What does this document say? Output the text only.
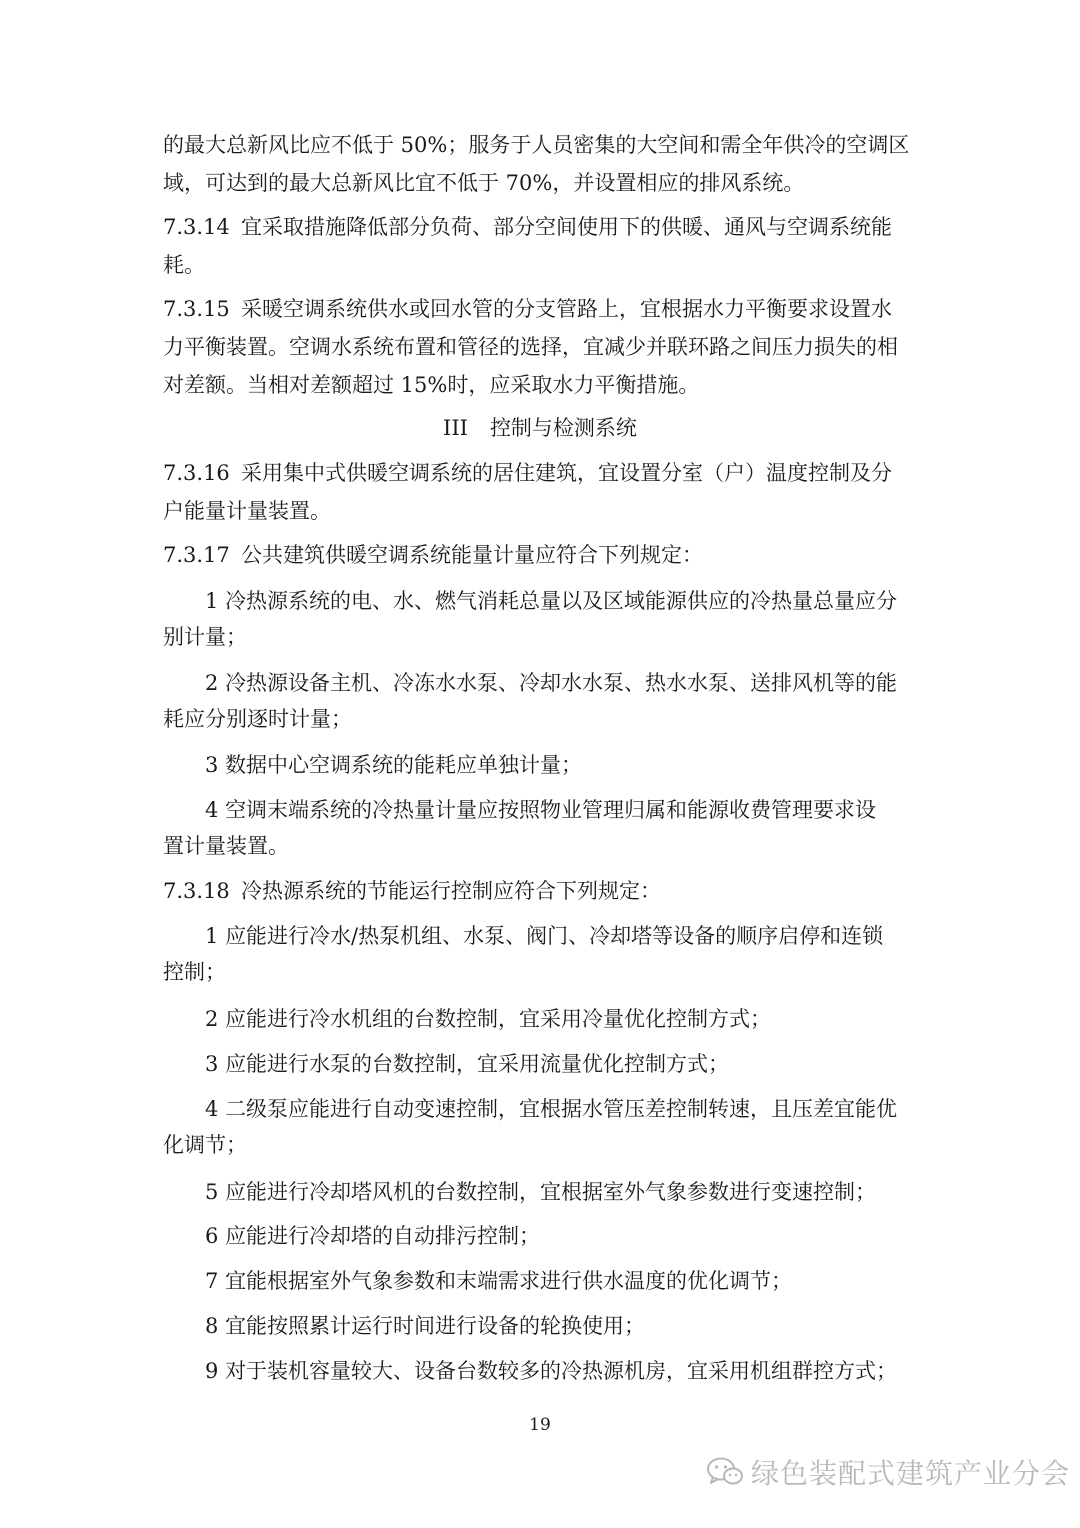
的最大总新风比应不低于 50%；服务于人员密集的大空间和需全年供冷的空调区
域，可达到的最大总新风比宜不低于 70%，并设置相应的排风系统。
7.3.14 宜采取措施降低部分负荷、部分空间使用下的供暖、通风与空调系统能
耗。
7.3.15 采暖空调系统供水或回水管的分支管路上，宜根据水力平衡要求设置水
力平衡装置。空调水系统布置和管径的选择，宜减少并联环路之间压力损失的相
对差额。当相对差额超过 15%时，应采取水力平衡措施。
III 控制与检测系统
7.3.16 采用集中式供暖空调系统的居住建筑，宜设置分室（户）温度控制及分
户能量计量装置。
7.3.17 公共建筑供暖空调系统能量计量应符合下列规定：
1 冷热源系统的电、水、燃气消耗总量以及区域能源供应的冷热量总量应分
别计量；
2 冷热源设备主机、冷冻水水泵、冷却水水泵、热水水泵、送排风机等的能
耗应分别逐时计量；
3 数据中心空调系统的能耗应单独计量；
4 空调末端系统的冷热量计量应按照物业管理归属和能源收费管理要求设
置计量装置。
7.3.18 冷热源系统的节能运行控制应符合下列规定：
1 应能进行冷水/热泵机组、水泵、阀门、冷却塔等设备的顺序启停和连锁
控制；
2 应能进行冷水机组的台数控制，宜采用冷量优化控制方式；
3 应能进行水泵的台数控制，宜采用流量优化控制方式；
4 二级泵应能进行自动变速控制，宜根据水管压差控制转速，且压差宜能优
化调节；
5 应能进行冷却塔风机的台数控制，宜根据室外气象参数进行变速控制；
6 应能进行冷却塔的自动排污控制；
7 宜能根据室外气象参数和末端需求进行供水温度的优化调节；
8 宜能按照累计运行时间进行设备的轮换使用；
9 对于装机容量较大、设备台数较多的冷热源机房，宜采用机组群控方式；
19
绿色装配式建筑产业分会
